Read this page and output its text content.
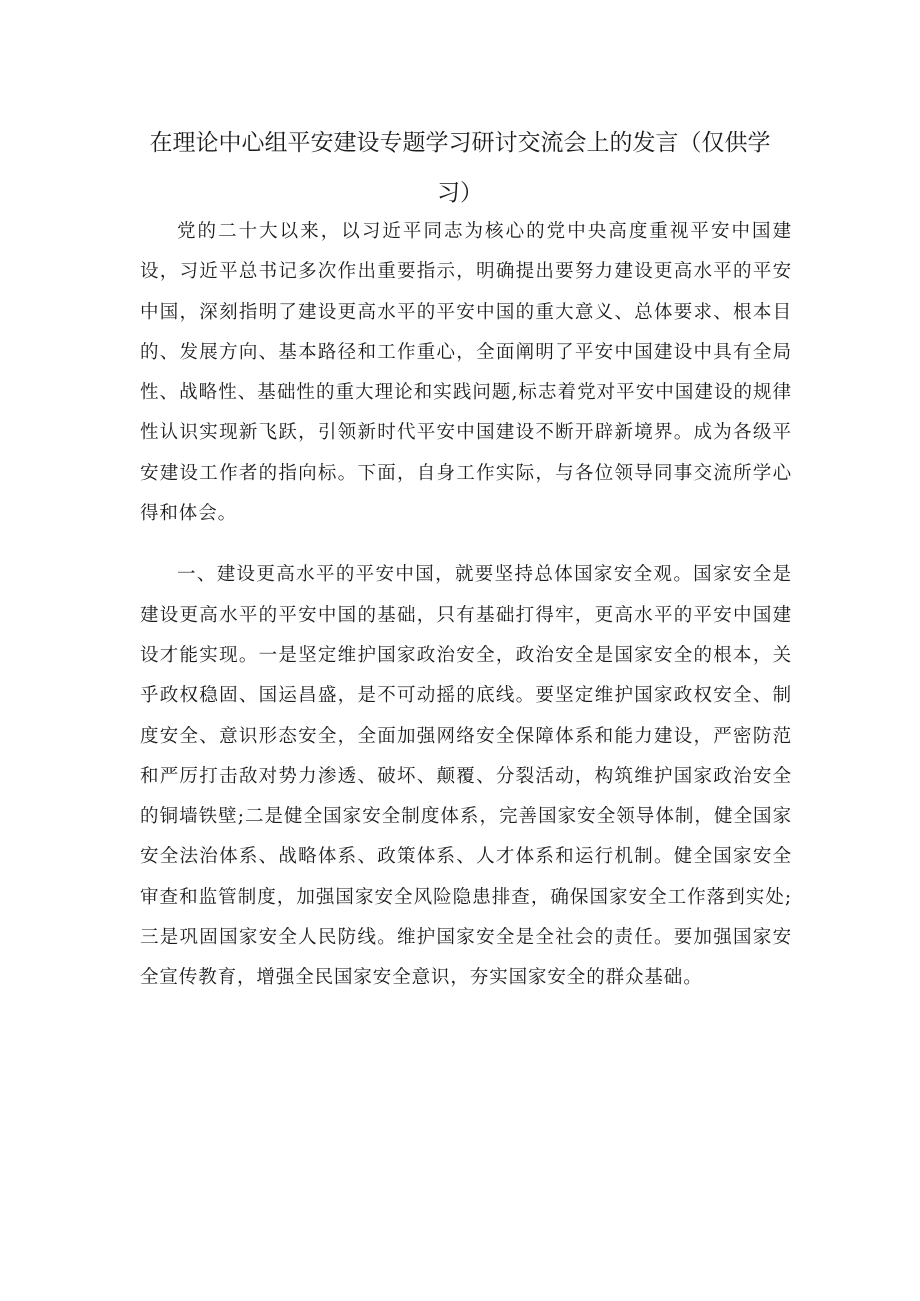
在理论中心组平安建设专题学习研讨交流会上的发言（仅供学习）

党的二十大以来，以习近平同志为核心的党中央高度重视平安中国建设，习近平总书记多次作出重要指示，明确提出要努力建设更高水平的平安中国，深刻指明了建设更高水平的平安中国的重大意义、总体要求、根本目的、发展方向、基本路径和工作重心，全面阐明了平安中国建设中具有全局性、战略性、基础性的重大理论和实践问题,标志着党对平安中国建设的规律性认识实现新飞跃，引领新时代平安中国建设不断开辟新境界。成为各级平安建设工作者的指向标。下面，自身工作实际，与各位领导同事交流所学心得和体会。

一、建设更高水平的平安中国，就要坚持总体国家安全观。国家安全是建设更高水平的平安中国的基础，只有基础打得牢，更高水平的平安中国建设才能实现。一是坚定维护国家政治安全，政治安全是国家安全的根本，关乎政权稳固、国运昌盛，是不可动摇的底线。要坚定维护国家政权安全、制度安全、意识形态安全，全面加强网络安全保障体系和能力建设，严密防范和严厉打击敌对势力渗透、破坏、颠覆、分裂活动，构筑维护国家政治安全的铜墙铁壁;二是健全国家安全制度体系，完善国家安全领导体制，健全国家安全法治体系、战略体系、政策体系、人才体系和运行机制。健全国家安全审查和监管制度，加强国家安全风险隐患排查，确保国家安全工作落到实处;三是巩固国家安全人民防线。维护国家安全是全社会的责任。要加强国家安全宣传教育，增强全民国家安全意识，夯实国家安全的群众基础。
